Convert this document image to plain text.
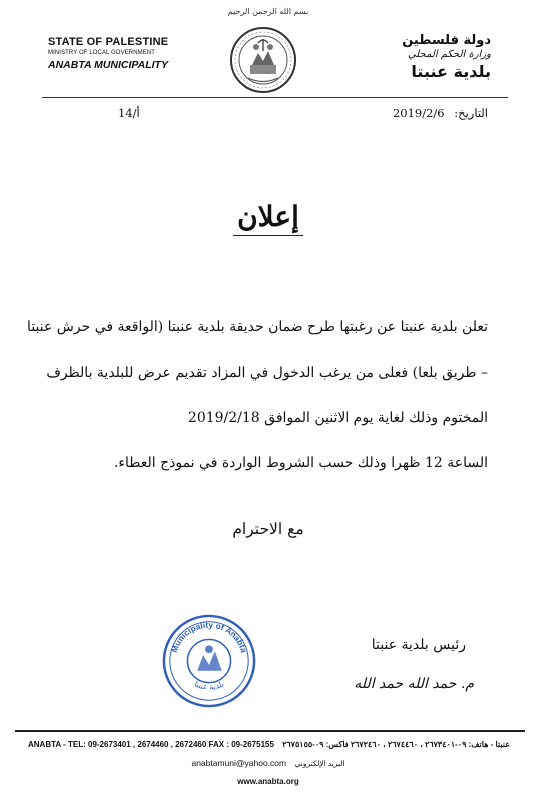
بسم الله الرحمن الرحيم
STATE OF PALESTINE
MINISTRY OF LOCAL GOVERNMENT
ANABTA MUNICIPALITY
دولة فلسطين
وزارة الحكم المحلي
بلدية عنبتا
التاريخ: 2019/2/6
14/أ
إعلان
تعلن بلدية عنبتا عن رغبتها طرح ضمان حديقة بلدية عنبتا (الواقعة في حرش عنبتا
– طريق بلعا) فعلى من يرغب الدخول في المزاد تقديم عرض للبلدية بالظرف
المختوم وذلك لغاية يوم الاثنين الموافق 2019/2/18
الساعة 12 ظهرا وذلك حسب الشروط الواردة في نموذج العطاء.
مع الاحترام
Municipality of Anabta
بلدية عنبتا
رئيس بلدية عنبتا
م. حمد الله حمد الله
ANABTA - TEL: 09-2673401 , 2674460 , 2672460 FAX : 09-2675155 عنبتا - هاتف: ٠٩-٢٦٧٣٤٠١ ، ٢٦٧٤٤٦٠ ، ٢٦٧٢٤٦٠ فاكس: ٠٩-٢٦٧٥١٥٥
anabtamuni@yahoo.com البريد الإلكتروني
www.anabta.org
